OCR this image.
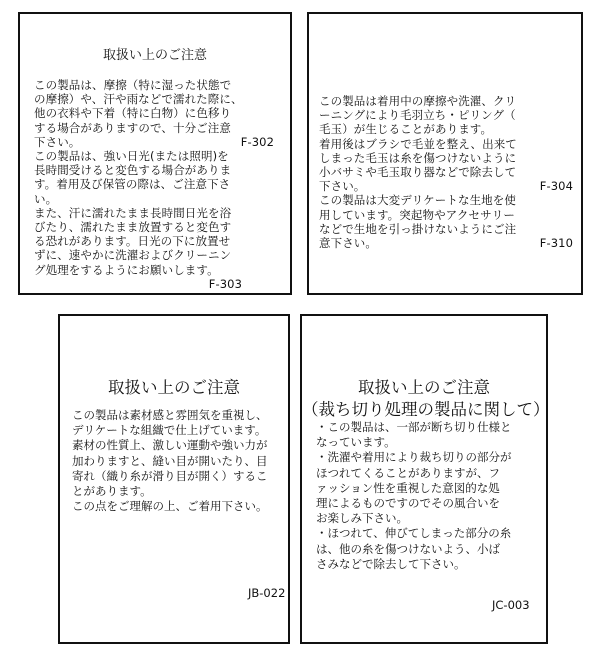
取扱い上のご注意
この製品は、摩擦（特に湿った状態で
の摩擦）や、汗や雨などで濡れた際に、
他の衣料や下着（特に白物）に色移り
する場合がありますので、十分ご注意
下さい。	F-302
この製品は、強い日光(または照明)を
長時間受けると変色する場合がありま
す。着用及び保管の際は、ご注意下さ
い。
また、汗に濡れたまま長時間日光を浴
びたり、濡れたまま放置すると変色す
る恐れがあります。日光の下に放置せ
ずに、速やかに洗濯およびクリーニン
グ処理をするようにお願いします。
F-303
この製品は着用中の摩擦や洗濯、クリ
ーニングにより毛羽立ち・ピリング（
毛玉）が生じることがあります。
着用後はブラシで毛並を整え、出来て
しまった毛玉は糸を傷つけないように
小バサミや毛玉取り器などで除去して
下さい。	F-304
この製品は大変デリケートな生地を使
用しています。突起物やアクセサリー
などで生地を引っ掛けないようにご注
意下さい。	F-310
取扱い上のご注意
この製品は素材感と雰囲気を重視し、
デリケートな組織で仕上げています。
素材の性質上、激しい運動や強い力が
加わりますと、縫い目が開いたり、目
寄れ（織り糸が滑り目が開く）するこ
とがあります。
この点をご理解の上、ご着用下さい。
JB-022
取扱い上のご注意
（裁ち切り処理の製品に関して）
・この製品は、一部が断ち切り仕様と
なっています。
・洗濯や着用により裁ち切りの部分が
ほつれてくることがありますが、フ
ァッション性を重視した意図的な処
理によるものですのでその風合いを
お楽しみ下さい。
・ほつれて、伸びてしまった部分の糸
は、他の糸を傷つけないよう、小ば
さみなどで除去して下さい。
JC-003
